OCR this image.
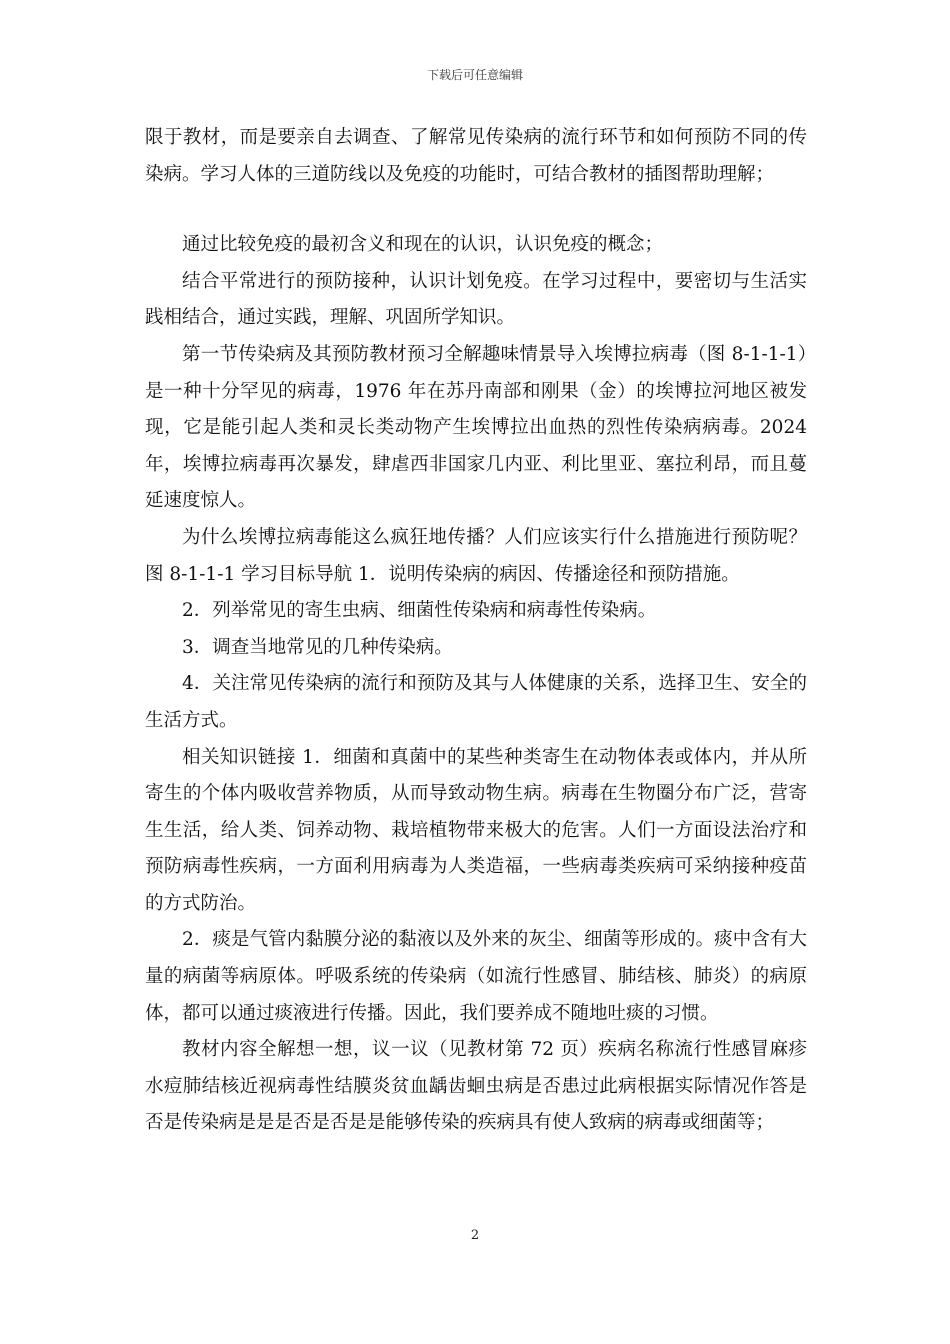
下载后可任意编辑

限于教材，而是要亲自去调查、了解常见传染病的流行环节和如何预防不同的传染病。学习人体的三道防线以及免疫的功能时，可结合教材的插图帮助理解；

通过比较免疫的最初含义和现在的认识，认识免疫的概念；

结合平常进行的预防接种，认识计划免疫。在学习过程中，要密切与生活实践相结合，通过实践，理解、巩固所学知识。

第一节传染病及其预防教材预习全解趣味情景导入埃博拉病毒（图 8-1-1-1）是一种十分罕见的病毒，1976 年在苏丹南部和刚果（金）的埃博拉河地区被发现，它是能引起人类和灵长类动物产生埃博拉出血热的烈性传染病病毒。2024 年，埃博拉病毒再次暴发，肆虐西非国家几内亚、利比里亚、塞拉利昂，而且蔓延速度惊人。

为什么埃博拉病毒能这么疯狂地传播？人们应该实行什么措施进行预防呢？图 8-1-1-1 学习目标导航 1．说明传染病的病因、传播途径和预防措施。

2．列举常见的寄生虫病、细菌性传染病和病毒性传染病。

3．调查当地常见的几种传染病。

4．关注常见传染病的流行和预防及其与人体健康的关系，选择卫生、安全的生活方式。

相关知识链接 1．细菌和真菌中的某些种类寄生在动物体表或体内，并从所寄生的个体内吸收营养物质，从而导致动物生病。病毒在生物圈分布广泛，营寄生生活，给人类、饲养动物、栽培植物带来极大的危害。人们一方面设法治疗和预防病毒性疾病，一方面利用病毒为人类造福，一些病毒类疾病可采纳接种疫苗的方式防治。

2．痰是气管内黏膜分泌的黏液以及外来的灰尘、细菌等形成的。痰中含有大量的病菌等病原体。呼吸系统的传染病（如流行性感冒、肺结核、肺炎）的病原体，都可以通过痰液进行传播。因此，我们要养成不随地吐痰的习惯。

教材内容全解想一想，议一议（见教材第 72 页）疾病名称流行性感冒麻疹水痘肺结核近视病毒性结膜炎贫血龋齿蛔虫病是否患过此病根据实际情况作答是否是传染病是是是否是否是是能够传染的疾病具有使人致病的病毒或细菌等；

2
